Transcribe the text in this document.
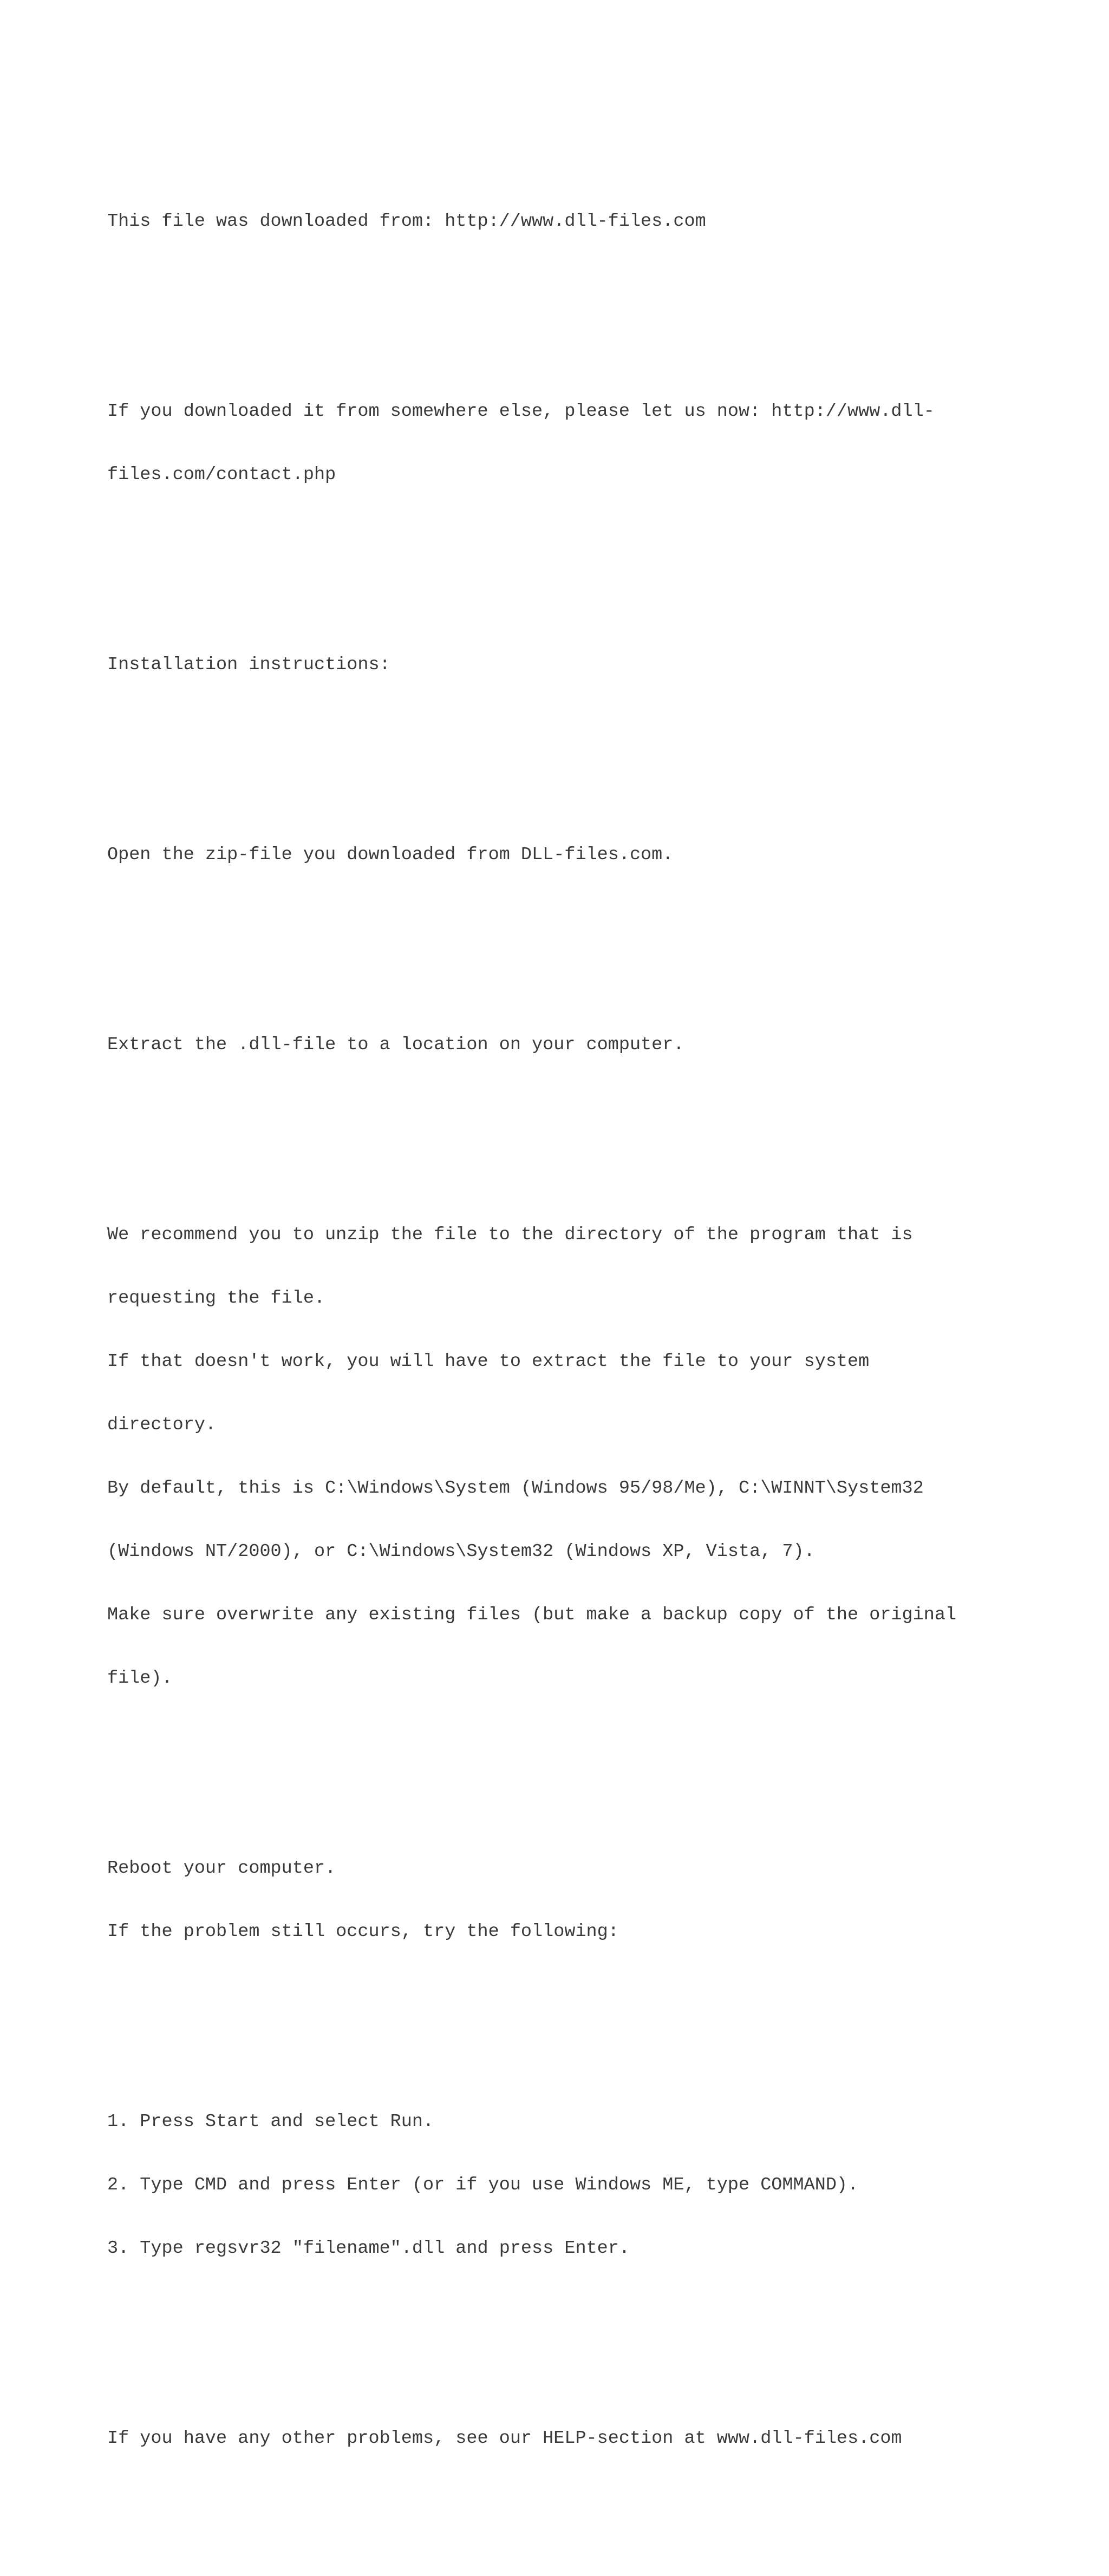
This file was downloaded from: http://www.dll-files.com

If you downloaded it from somewhere else, please let us now: http://www.dll-

files.com/contact.php

Installation instructions:

Open the zip-file you downloaded from DLL-files.com.

Extract the .dll-file to a location on your computer.

We recommend you to unzip the file to the directory of the program that is

requesting the file.

If that doesn't work, you will have to extract the file to your system

directory.

By default, this is C:\Windows\System (Windows 95/98/Me), C:\WINNT\System32

(Windows NT/2000), or C:\Windows\System32 (Windows XP, Vista, 7).

Make sure overwrite any existing files (but make a backup copy of the original

file).

Reboot your computer.

If the problem still occurs, try the following:

1. Press Start and select Run.

2. Type CMD and press Enter (or if you use Windows ME, type COMMAND).

3. Type regsvr32 "filename".dll and press Enter.

If you have any other problems, see our HELP-section at www.dll-files.com
